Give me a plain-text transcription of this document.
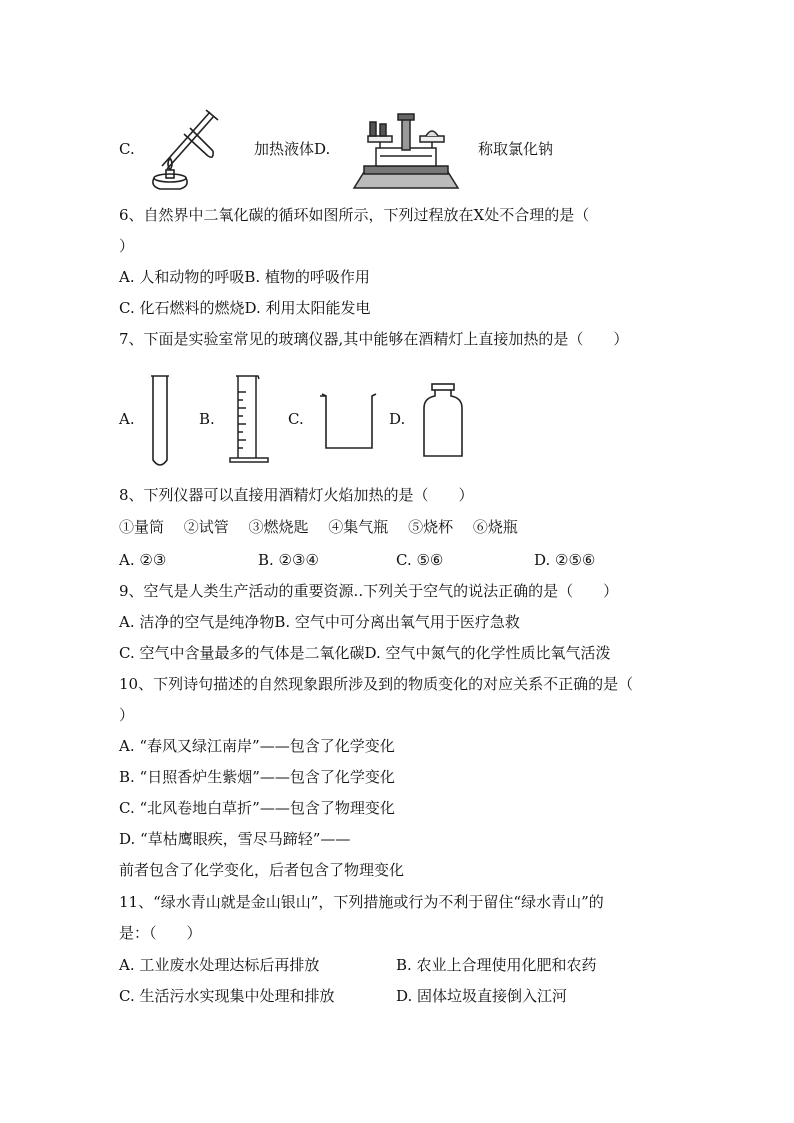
C.	加热液体D.	称取氯化钠
6、自然界中二氧化碳的循环如图所示，下列过程放在X处不合理的是（
）
A. 人和动物的呼吸B. 植物的呼吸作用
C. 化石燃料的燃烧D. 利用太阳能发电
7、下面是实验室常见的玻璃仪器,其中能够在酒精灯上直接加热的是（　　）
A.	B.	C.	D.
8、下列仪器可以直接用酒精灯火焰加热的是（　　）
①量筒　 ②试管　 ③燃烧匙　 ④集气瓶　 ⑤烧杯　 ⑥烧瓶
A. ②③	B. ②③④	C. ⑤⑥	D. ②⑤⑥
9、空气是人类生产活动的重要资源..下列关于空气的说法正确的是（　　）
A. 洁净的空气是纯净物B. 空气中可分离出氧气用于医疗急救
C. 空气中含量最多的气体是二氧化碳D. 空气中氮气的化学性质比氧气活泼
10、下列诗句描述的自然现象跟所涉及到的物质变化的对应关系不正确的是（
）
A. “春风又绿江南岸”——包含了化学变化
B. “日照香炉生紫烟”——包含了化学变化
C. “北风卷地白草折”——包含了物理变化
D. “草枯鹰眼疾，雪尽马蹄轻”——
前者包含了化学变化，后者包含了物理变化
11、“绿水青山就是金山银山”，下列措施或行为不利于留住“绿水青山”的
是：（　　）
A. 工业废水处理达标后再排放	B. 农业上合理使用化肥和农药
C. 生活污水实现集中处理和排放	D. 固体垃圾直接倒入江河
